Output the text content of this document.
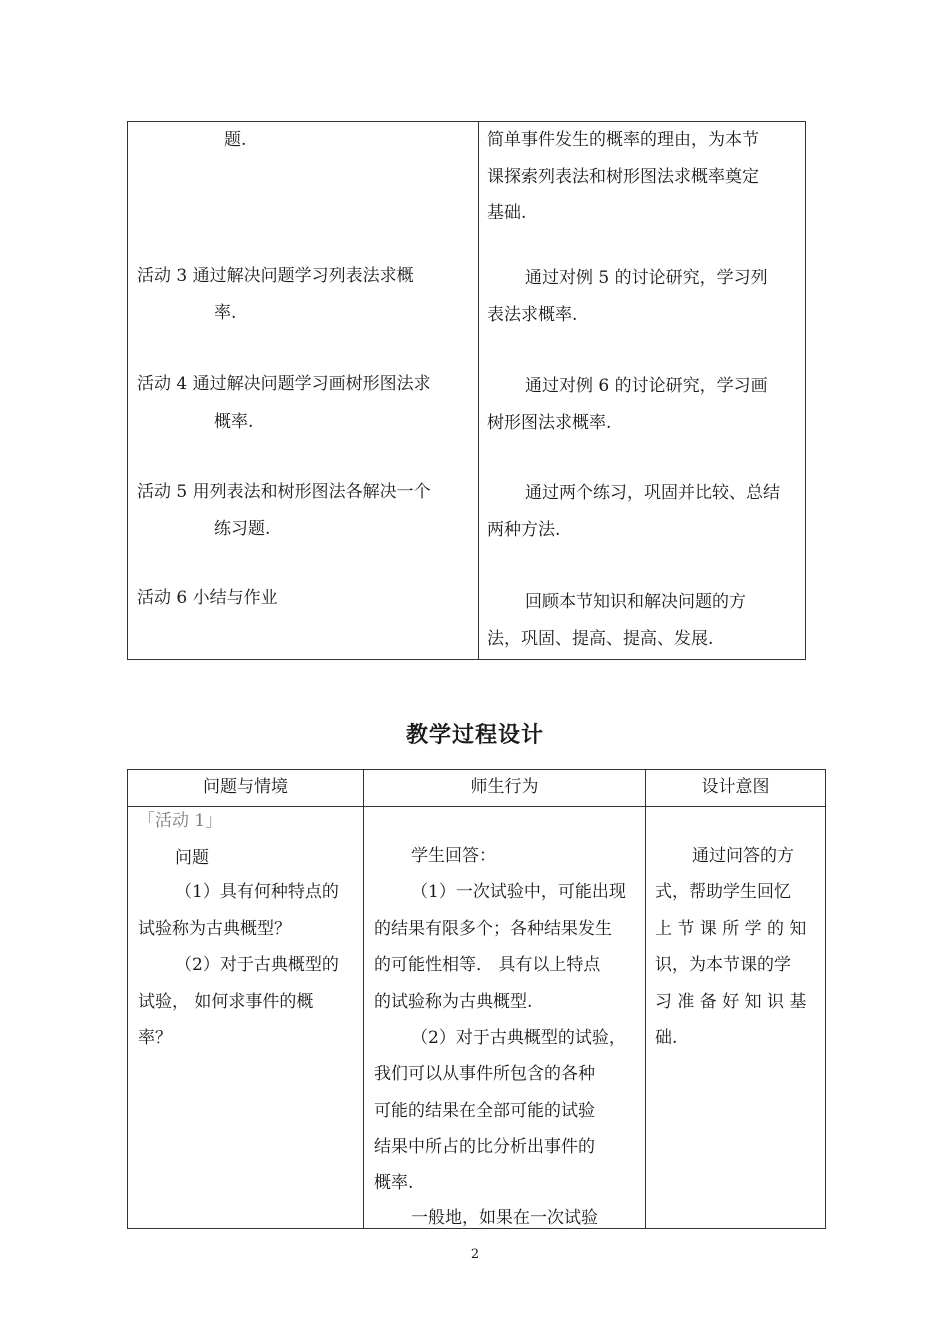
题.
活动 3 通过解决问题学习列表法求概
率.
活动 4 通过解决问题学习画树形图法求
概率.
活动 5 用列表法和树形图法各解决一个
练习题.
活动 6 小结与作业
简单事件发生的概率的理由，为本节
课探索列表法和树形图法求概率奠定
基础.
通过对例 5 的讨论研究，学习列
表法求概率.
通过对例 6 的讨论研究，学习画
树形图法求概率.
通过两个练习，巩固并比较、总结
两种方法.
回顾本节知识和解决问题的方
法，巩固、提高、提高、发展.
教学过程设计
问题与情境	师生行为	设计意图
「活动 1」
问题
（1）具有何种特点的
试验称为古典概型？
（2）对于古典概型的
试验， 如何求事件的概
率？
学生回答：
（1）一次试验中，可能出现
的结果有限多个；各种结果发生
的可能性相等． 具有以上特点
的试验称为古典概型.
（2）对于古典概型的试验，
我们可以从事件所包含的各种
可能的结果在全部可能的试验
结果中所占的比分析出事件的
概率.
一般地，如果在一次试验
通过问答的方
式，帮助学生回忆
上 节 课 所 学 的 知
识，为本节课的学
习 准 备 好 知 识 基
础.
2
